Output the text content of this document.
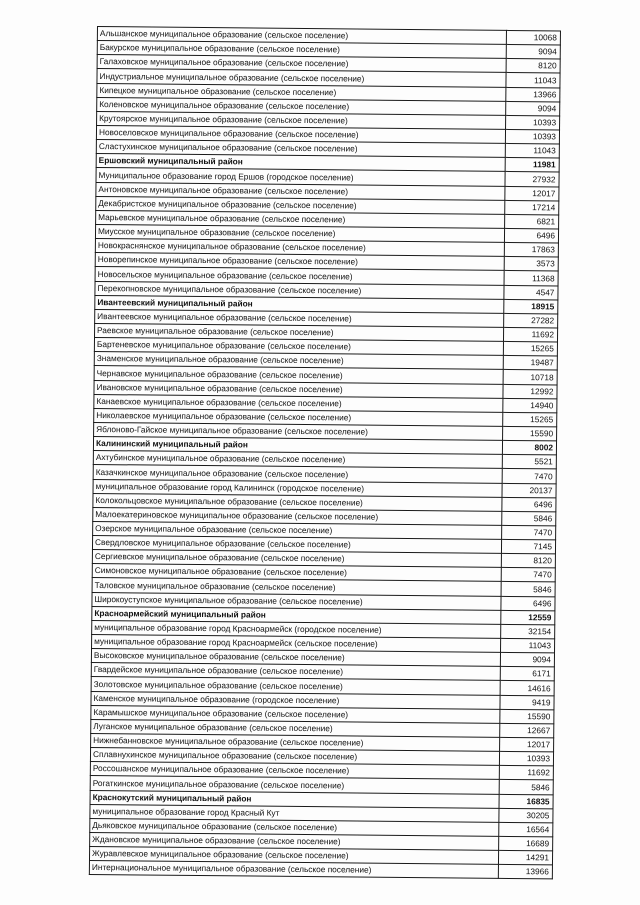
Альшанское муниципальное образование (сельское поселение)	10068
Бакурское муниципальное образование (сельское поселение)	9094
Галаховское муниципальное образование (сельское поселение)	8120
Индустриальное муниципальное образование (сельское поселение)	11043
Кипецкое муниципальное образование (сельское поселение)	13966
Коленовское муниципальное образование (сельское поселение)	9094
Крутоярское муниципальное образование (сельское поселение)	10393
Новоселовское муниципальное образование (сельское поселение)	10393
Сластухинское муниципальное образование (сельское поселение)	11043
Ершовский муниципальный район	11981
Муниципальное образование город Ершов (городское поселение)	27932
Антоновское муниципальное образование (сельское поселение)	12017
Декабристское муниципальное образование (сельское поселение)	17214
Марьевское муниципальное образование (сельское поселение)	6821
Миусское муниципальное образование (сельское поселение)	6496
Новокраснянское муниципальное образование (сельское поселение)	17863
Новорепинское муниципальное образование (сельское поселение)	3573
Новосельское муниципальное образование (сельское поселение)	11368
Перекопновское муниципальное образование (сельское поселение)	4547
Ивантеевский муниципальный район	18915
Ивантеевское муниципальное образование (сельское поселение)	27282
Раевское муниципальное образование (сельское поселение)	11692
Бартеневское муниципальное образование (сельское поселение)	15265
Знаменское муниципальное образование (сельское поселение)	19487
Чернавское муниципальное образование (сельское поселение)	10718
Ивановское муниципальное образование (сельское поселение)	12992
Канаевское муниципальное образование (сельское поселение)	14940
Николаевское муниципальное образование (сельское поселение)	15265
Яблоново-Гайское муниципальное образование (сельское поселение)	15590
Калининский муниципальный район	8002
Ахтубинское муниципальное образование (сельское поселение)	5521
Казачкинское муниципальное образование (сельское поселение)	7470
муниципальное образование город Калининск (городское поселение)	20137
Колокольцовское муниципальное образование (сельское поселение)	6496
Малоекатериновское муниципальное образование (сельское поселение)	5846
Озерское муниципальное образование (сельское поселение)	7470
Свердловское муниципальное образование (сельское поселение)	7145
Сергиевское муниципальное образование (сельское поселение)	8120
Симоновское муниципальное образование (сельское поселение)	7470
Таловское муниципальное образование (сельское поселение)	5846
Широкоуступское муниципальное образование (сельское поселение)	6496
Красноармейский муниципальный район	12559
муниципальное образование город Красноармейск (городское поселение)	32154
муниципальное образование город Красноармейск (сельское поселение)	11043
Высоковское муниципальное образование (сельское поселение)	9094
Гвардейское муниципальное образование (сельское поселение)	6171
Золотовское муниципальное образование (сельское поселение)	14616
Каменское муниципальное образование (городское поселение)	9419
Карамышское муниципальное образование (сельское поселение)	15590
Луганское муниципальное образование (сельское поселение)	12667
Нижнебанновское муниципальное образование (сельское поселение)	12017
Сплавнухинское муниципальное образование (сельское поселение)	10393
Россошанское муниципальное образование (сельское поселение)	11692
Рогаткинское муниципальное образование (сельское поселение)	5846
Краснокутский муниципальный район	16835
муниципальное образование город Красный Кут	30205
Дьяковское муниципальное образование (сельское поселение)	16564
Ждановское муниципальное образование (сельское поселение)	16689
Журавлевское муниципальное образование (сельское поселение)	14291
Интернациональное муниципальное образование (сельское поселение)	13966
